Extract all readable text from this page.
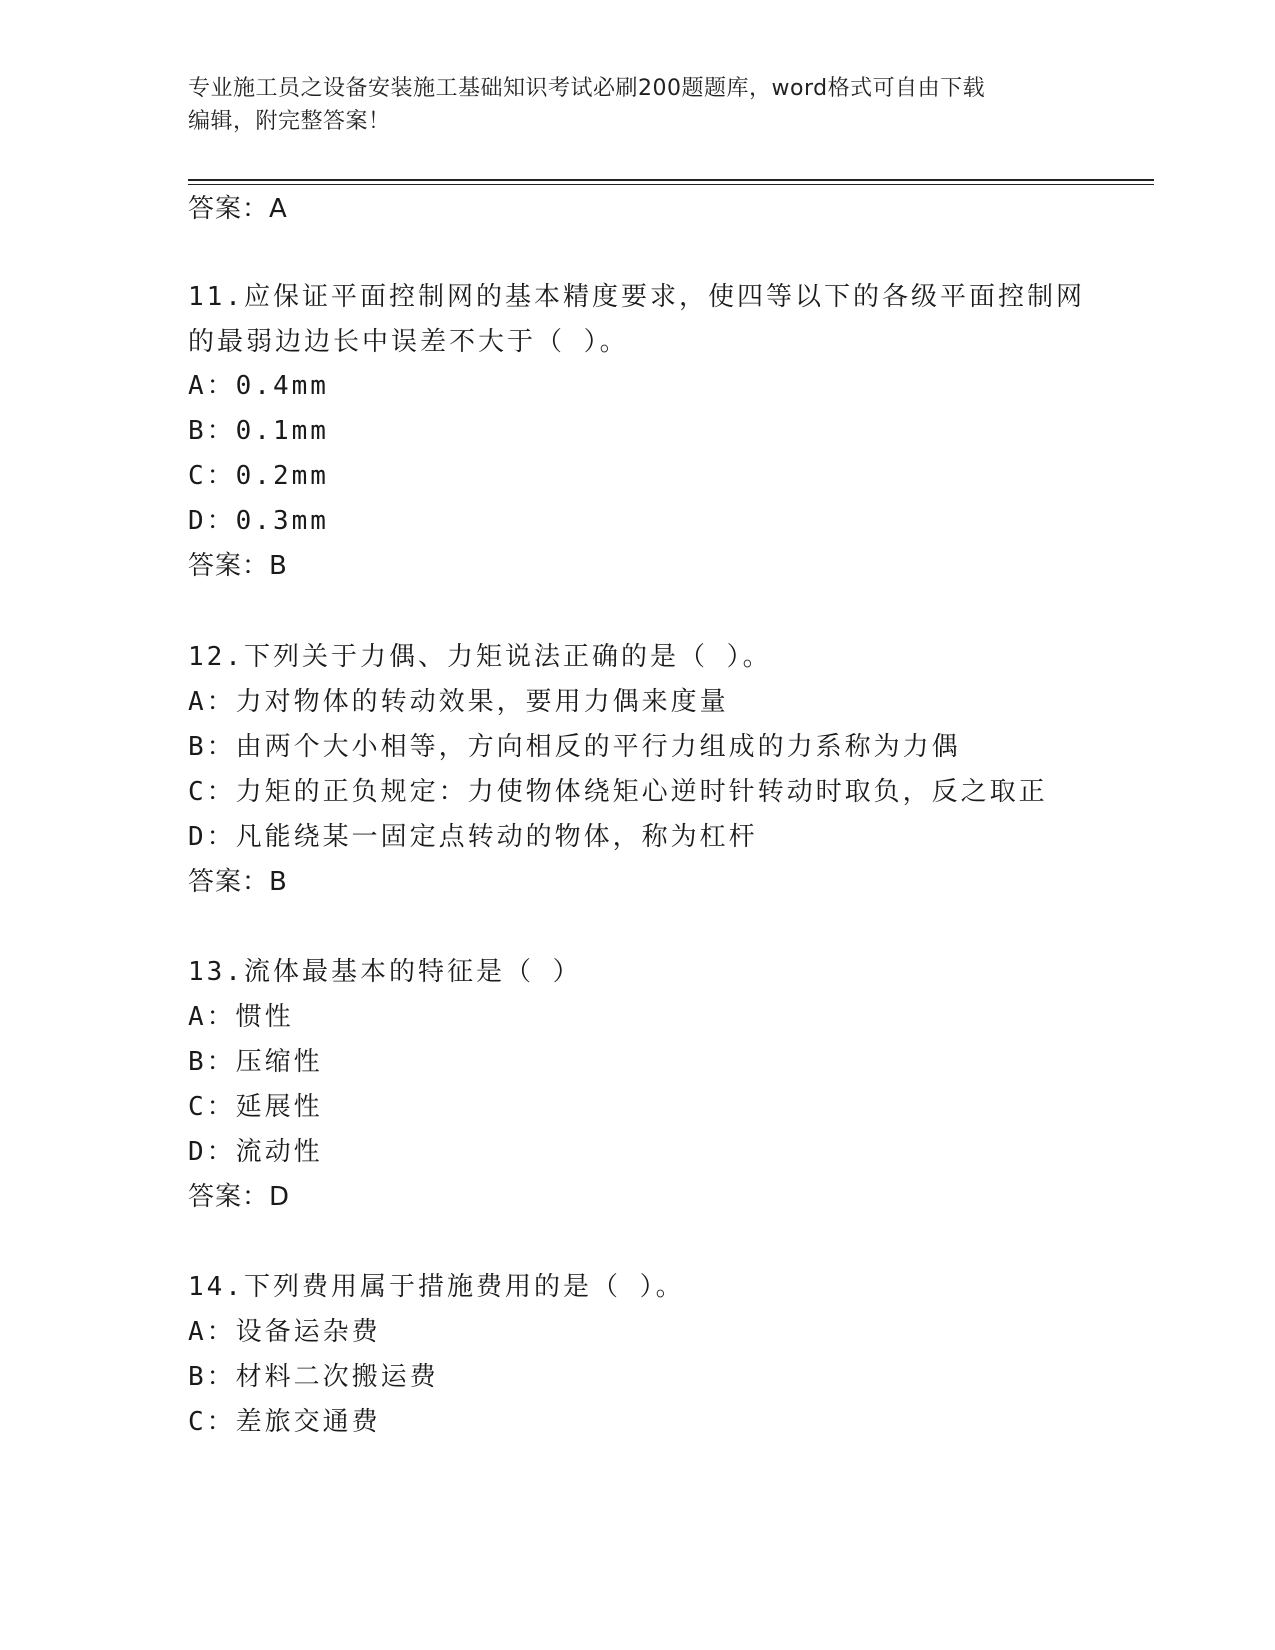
专业施工员之设备安装施工基础知识考试必刷200题题库，word格式可自由下载
编辑，附完整答案！
答案：A
11.应保证平面控制网的基本精度要求，使四等以下的各级平面控制网
的最弱边边长中误差不大于（ ）。
A：0.4mm
B：0.1mm
C：0.2mm
D：0.3mm
答案：B
12.下列关于力偶、力矩说法正确的是（ ）。
A：力对物体的转动效果，要用力偶来度量
B：由两个大小相等，方向相反的平行力组成的力系称为力偶
C：力矩的正负规定：力使物体绕矩心逆时针转动时取负，反之取正
D：凡能绕某一固定点转动的物体，称为杠杆
答案：B
13.流体最基本的特征是（ ）
A：惯性
B：压缩性
C：延展性
D：流动性
答案：D
14.下列费用属于措施费用的是（ ）。
A：设备运杂费
B：材料二次搬运费
C：差旅交通费
